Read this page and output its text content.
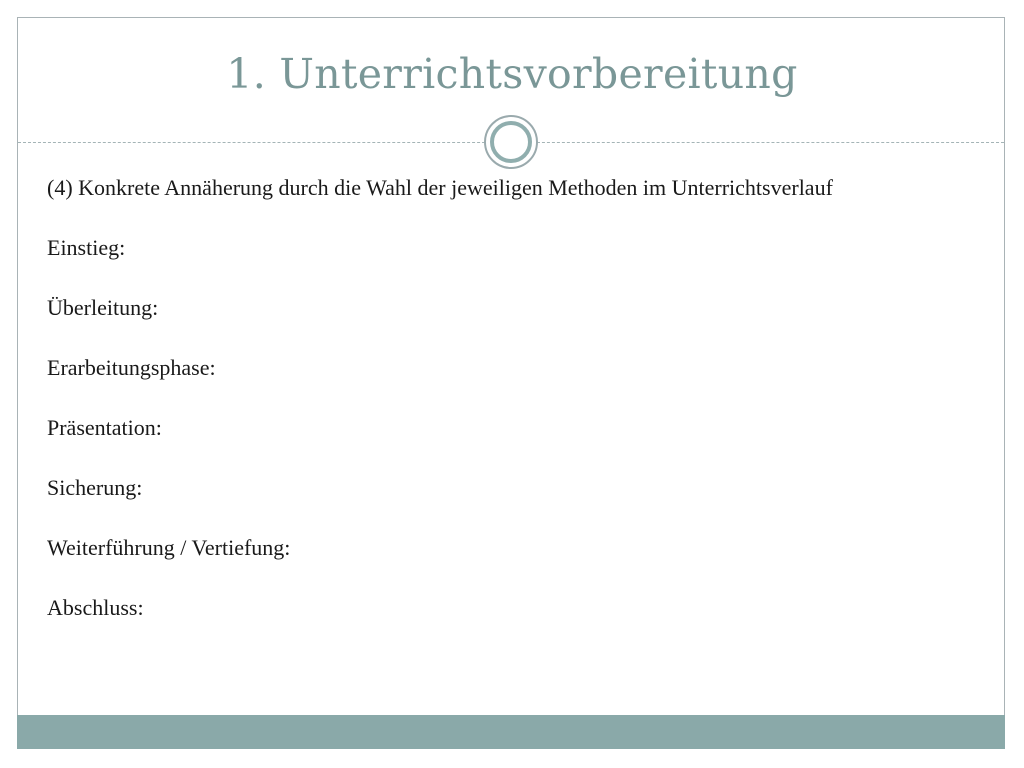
1. Unterrichtsvorbereitung

(4) Konkrete Annäherung durch die Wahl der jeweiligen Methoden im Unterrichtsverlauf

Einstieg:

Überleitung:

Erarbeitungsphase:

Präsentation:

Sicherung:

Weiterführung / Vertiefung:

Abschluss:
